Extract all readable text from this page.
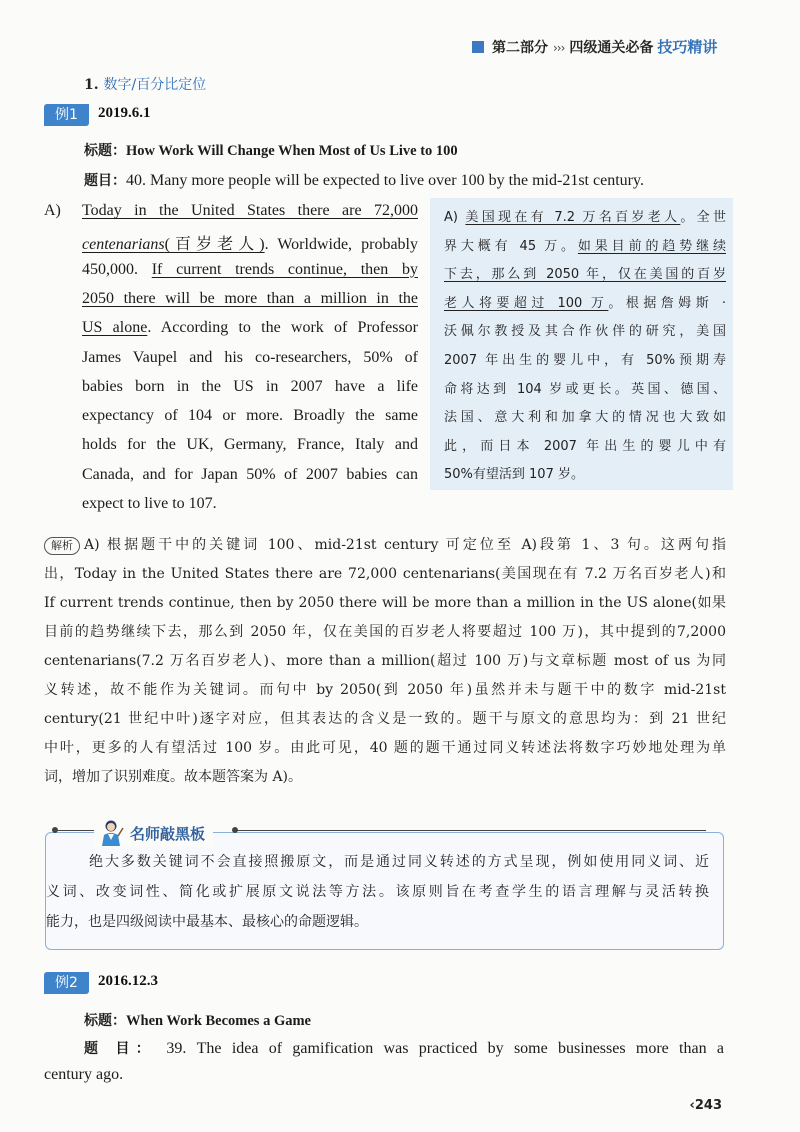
第二部分 ››› 四级通关必备 技巧精讲
1. 数字/百分比定位
例1	2019.6.1
标题：How Work Will Change When Most of Us Live to 100
题目：40. Many more people will be expected to live over 100 by the mid-21st century.
A) Today in the United States there are 72,000
centenarians(百岁老人). Worldwide, probably
450,000. If current trends continue, then by
2050 there will be more than a million in the
US alone. According to the work of Professor
James Vaupel and his co-researchers, 50% of
babies born in the US in 2007 have a life
expectancy of 104 or more. Broadly the same
holds for the UK, Germany, France, Italy and
Canada, and for Japan 50% of 2007 babies can
expect to live to 107.
A) 美国现在有 7.2 万名百岁老人。全世
界大概有 45 万。如果目前的趋势继续
下去，那么到 2050 年，仅在美国的百岁
老人将要超过 100 万。根据詹姆斯 ·
沃佩尔教授及其合作伙伴的研究，美国
2007 年出生的婴儿中，有 50%预期寿
命将达到 104 岁或更长。英国、德国、
法国、意大利和加拿大的情况也大致如
此，而日本 2007 年出生的婴儿中有
50%有望活到 107 岁。
解析 A) 根据题干中的关键词 100、mid-21st century 可定位至 A)段第 1、3 句。这两句指
出，Today in the United States there are 72,000 centenarians(美国现在有 7.2 万名百岁老人)和
If current trends continue, then by 2050 there will be more than a million in the US alone(如果
目前的趋势继续下去，那么到 2050 年，仅在美国的百岁老人将要超过 100 万)，其中提到的7,2000
centenarians(7.2 万名百岁老人)、more than a million(超过 100 万)与文章标题 most of us 为同
义转述，故不能作为关键词。而句中 by 2050(到 2050 年)虽然并未与题干中的数字 mid-21st
century(21 世纪中叶)逐字对应，但其表达的含义是一致的。题干与原文的意思均为：到 21 世纪
中叶，更多的人有望活过 100 岁。由此可见，40 题的题干通过同义转述法将数字巧妙地处理为单
词，增加了识别难度。故本题答案为 A)。
名师敲黑板
绝大多数关键词不会直接照搬原文，而是通过同义转述的方式呈现，例如使用同义词、近
义词、改变词性、简化或扩展原文说法等方法。该原则旨在考查学生的语言理解与灵活转换
能力，也是四级阅读中最基本、最核心的命题逻辑。
例2	2016.12.3
标题：When Work Becomes a Game
题 目： 39. The idea of gamification was practiced by some businesses more than a
century ago.
‹243
